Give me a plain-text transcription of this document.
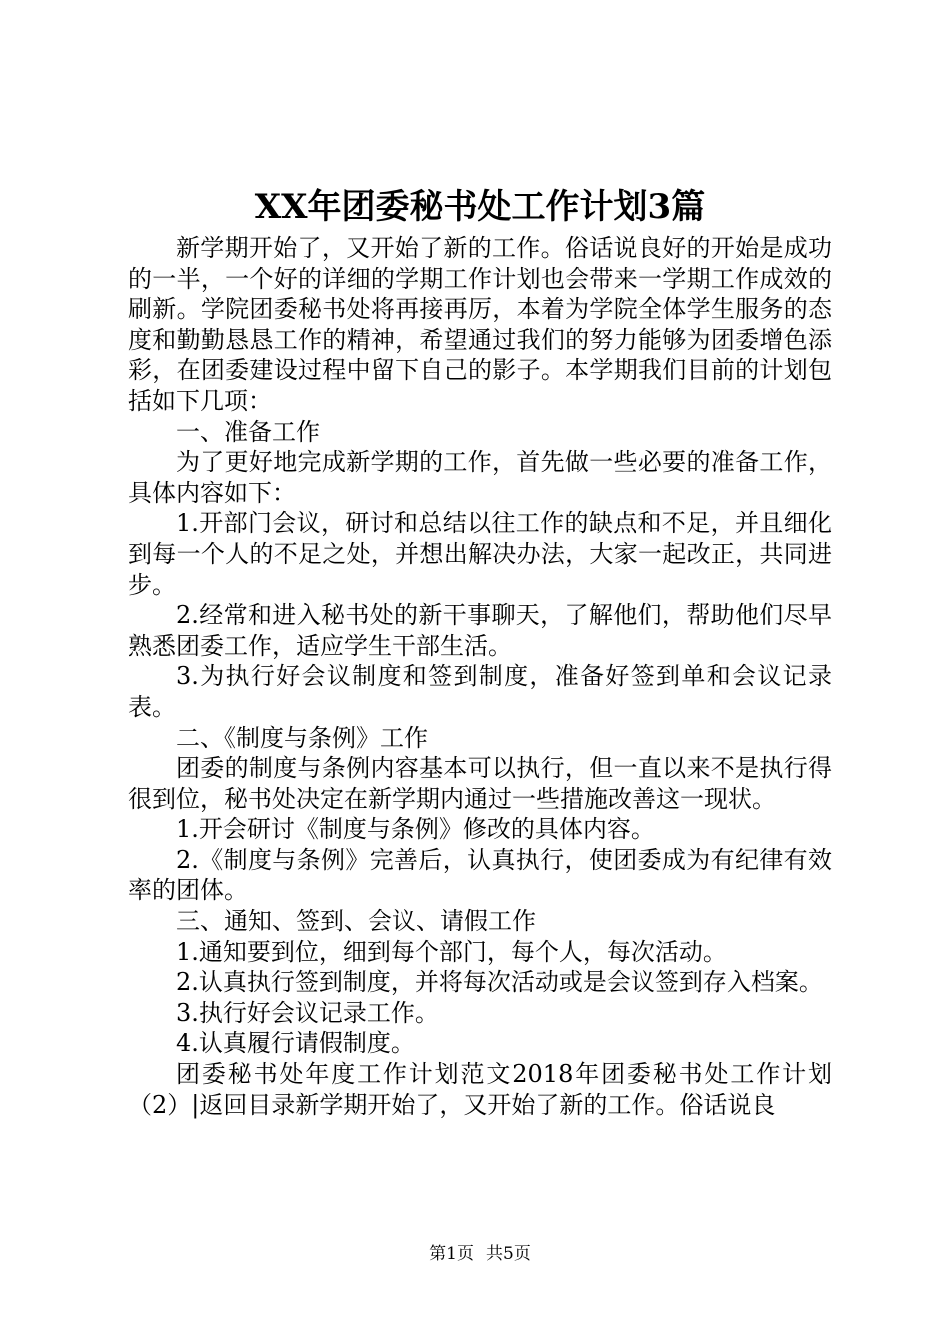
XX年团委秘书处工作计划3篇

新学期开始了，又开始了新的工作。俗话说良好的开始是成功的一半，一个好的详细的学期工作计划也会带来一学期工作成效的刷新。学院团委秘书处将再接再厉，本着为学院全体学生服务的态度和勤勤恳恳工作的精神，希望通过我们的努力能够为团委增色添彩，在团委建设过程中留下自己的影子。本学期我们目前的计划包括如下几项：

一、准备工作

为了更好地完成新学期的工作，首先做一些必要的准备工作，具体内容如下：

1.开部门会议，研讨和总结以往工作的缺点和不足，并且细化到每一个人的不足之处，并想出解决办法，大家一起改正，共同进步。

2.经常和进入秘书处的新干事聊天，了解他们，帮助他们尽早熟悉团委工作，适应学生干部生活。

3.为执行好会议制度和签到制度，准备好签到单和会议记录表。

二、《制度与条例》工作

团委的制度与条例内容基本可以执行，但一直以来不是执行得很到位，秘书处决定在新学期内通过一些措施改善这一现状。

1.开会研讨《制度与条例》修改的具体内容。

2.《制度与条例》完善后，认真执行，使团委成为有纪律有效率的团体。

三、通知、签到、会议、请假工作

1.通知要到位，细到每个部门，每个人，每次活动。

2.认真执行签到制度，并将每次活动或是会议签到存入档案。

3.执行好会议记录工作。

4.认真履行请假制度。

团委秘书处年度工作计划范文2018年团委秘书处工作计划（2）|返回目录新学期开始了，又开始了新的工作。俗话说良

第1页 共5页
